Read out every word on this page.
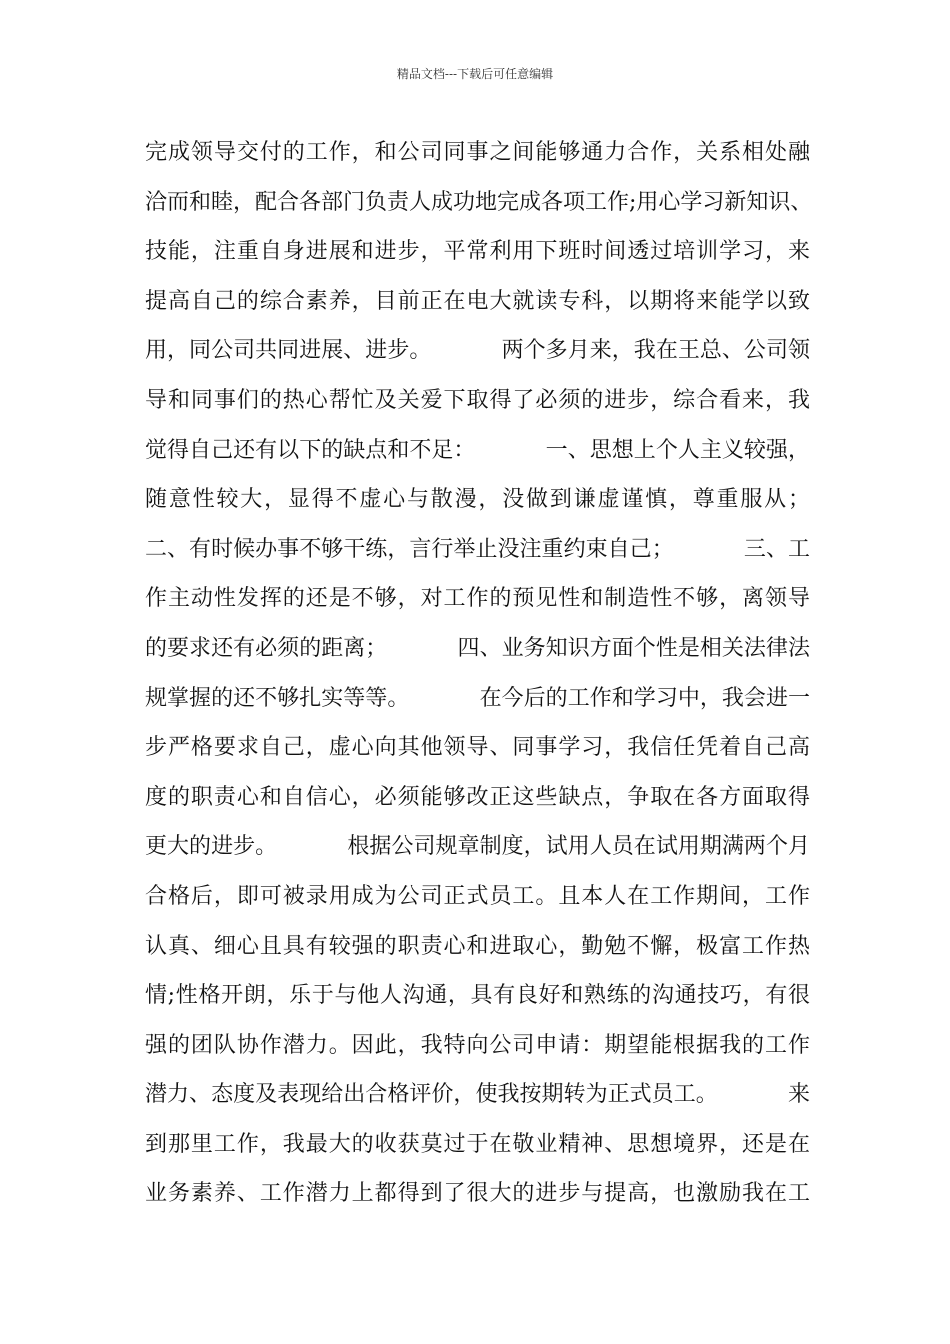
精品文档---下载后可任意编辑
完成领导交付的工作，和公司同事之间能够通力合作，关系相处融
洽而和睦，配合各部门负责人成功地完成各项工作;用心学习新知识、
技能，注重自身进展和进步，平常利用下班时间透过培训学习，来
提高自己的综合素养，目前正在电大就读专科，以期将来能学以致
用，同公司共同进展、进步。          两个多月来，我在王总、公司领
导和同事们的热心帮忙及关爱下取得了必须的进步，综合看来，我
觉得自己还有以下的缺点和不足：          一、思想上个人主义较强，
随意性较大，显得不虚心与散漫，没做到谦虚谨慎，尊重服从；
二、有时候办事不够干练，言行举止没注重约束自己；          三、工
作主动性发挥的还是不够，对工作的预见性和制造性不够，离领导
的要求还有必须的距离；          四、业务知识方面个性是相关法律法
规掌握的还不够扎实等等。          在今后的工作和学习中，我会进一
步严格要求自己，虚心向其他领导、同事学习，我信任凭着自己高
度的职责心和自信心，必须能够改正这些缺点，争取在各方面取得
更大的进步。          根据公司规章制度，试用人员在试用期满两个月
合格后，即可被录用成为公司正式员工。且本人在工作期间，工作
认真、细心且具有较强的职责心和进取心，勤勉不懈，极富工作热
情;性格开朗，乐于与他人沟通，具有良好和熟练的沟通技巧，有很
强的团队协作潜力。因此，我特向公司申请：期望能根据我的工作
潜力、态度及表现给出合格评价，使我按期转为正式员工。          来
到那里工作，我最大的收获莫过于在敬业精神、思想境界，还是在
业务素养、工作潜力上都得到了很大的进步与提高，也激励我在工
